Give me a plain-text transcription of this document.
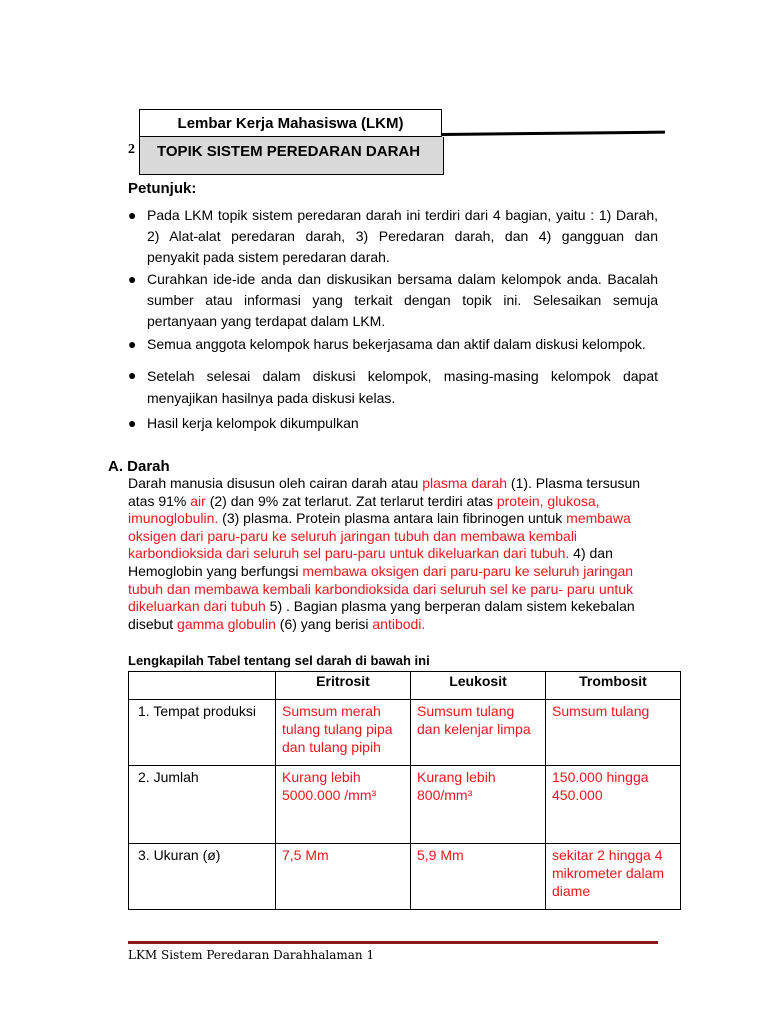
Lembar Kerja Mahasiswa (LKM)
TOPIK SISTEM PEREDARAN DARAH
2
Petunjuk:
● Pada LKM topik sistem peredaran darah ini terdiri dari 4 bagian, yaitu : 1) Darah,
2) Alat-alat peredaran darah, 3) Peredaran darah, dan 4) gangguan dan
penyakit pada sistem peredaran darah.
● Curahkan ide-ide anda dan diskusikan bersama dalam kelompok anda. Bacalah
sumber atau informasi yang terkait dengan topik ini. Selesaikan semuja
pertanyaan yang terdapat dalam LKM.
● Semua anggota kelompok harus bekerjasama dan aktif dalam diskusi kelompok.
● Setelah selesai dalam diskusi kelompok, masing-masing kelompok dapat
menyajikan hasilnya pada diskusi kelas.
● Hasil kerja kelompok dikumpulkan
A. Darah
Darah manusia disusun oleh cairan darah atau plasma darah (1). Plasma tersusun atas 91% air (2) dan 9% zat terlarut. Zat terlarut terdiri atas protein, glukosa, imunoglobulin. (3) plasma. Protein plasma antara lain fibrinogen untuk membawa oksigen dari paru-paru ke seluruh jaringan tubuh dan membawa kembali karbondioksida dari seluruh sel paru-paru untuk dikeluarkan dari tubuh. 4) dan Hemoglobin yang berfungsi membawa oksigen dari paru-paru ke seluruh jaringan tubuh dan membawa kembali karbondioksida dari seluruh sel ke paru- paru untuk dikeluarkan dari tubuh 5) . Bagian plasma yang berperan dalam sistem kekebalan disebut gamma globulin (6) yang berisi antibodi.
Lengkapilah Tabel tentang sel darah di bawah ini
	Eritrosit	Leukosit	Trombosit
1. Tempat produksi	Sumsum merah tulang tulang pipa dan tulang pipih	Sumsum tulang dan kelenjar limpa	Sumsum tulang
2. Jumlah	Kurang lebih 5000.000 /mm³	Kurang lebih 800/mm³	150.000 hingga 450.000
3. Ukuran (ø)	7,5 Mm	5,9 Mm	sekitar 2 hingga 4 mikrometer dalam diame
LKM Sistem Peredaran Darahhalaman 1
